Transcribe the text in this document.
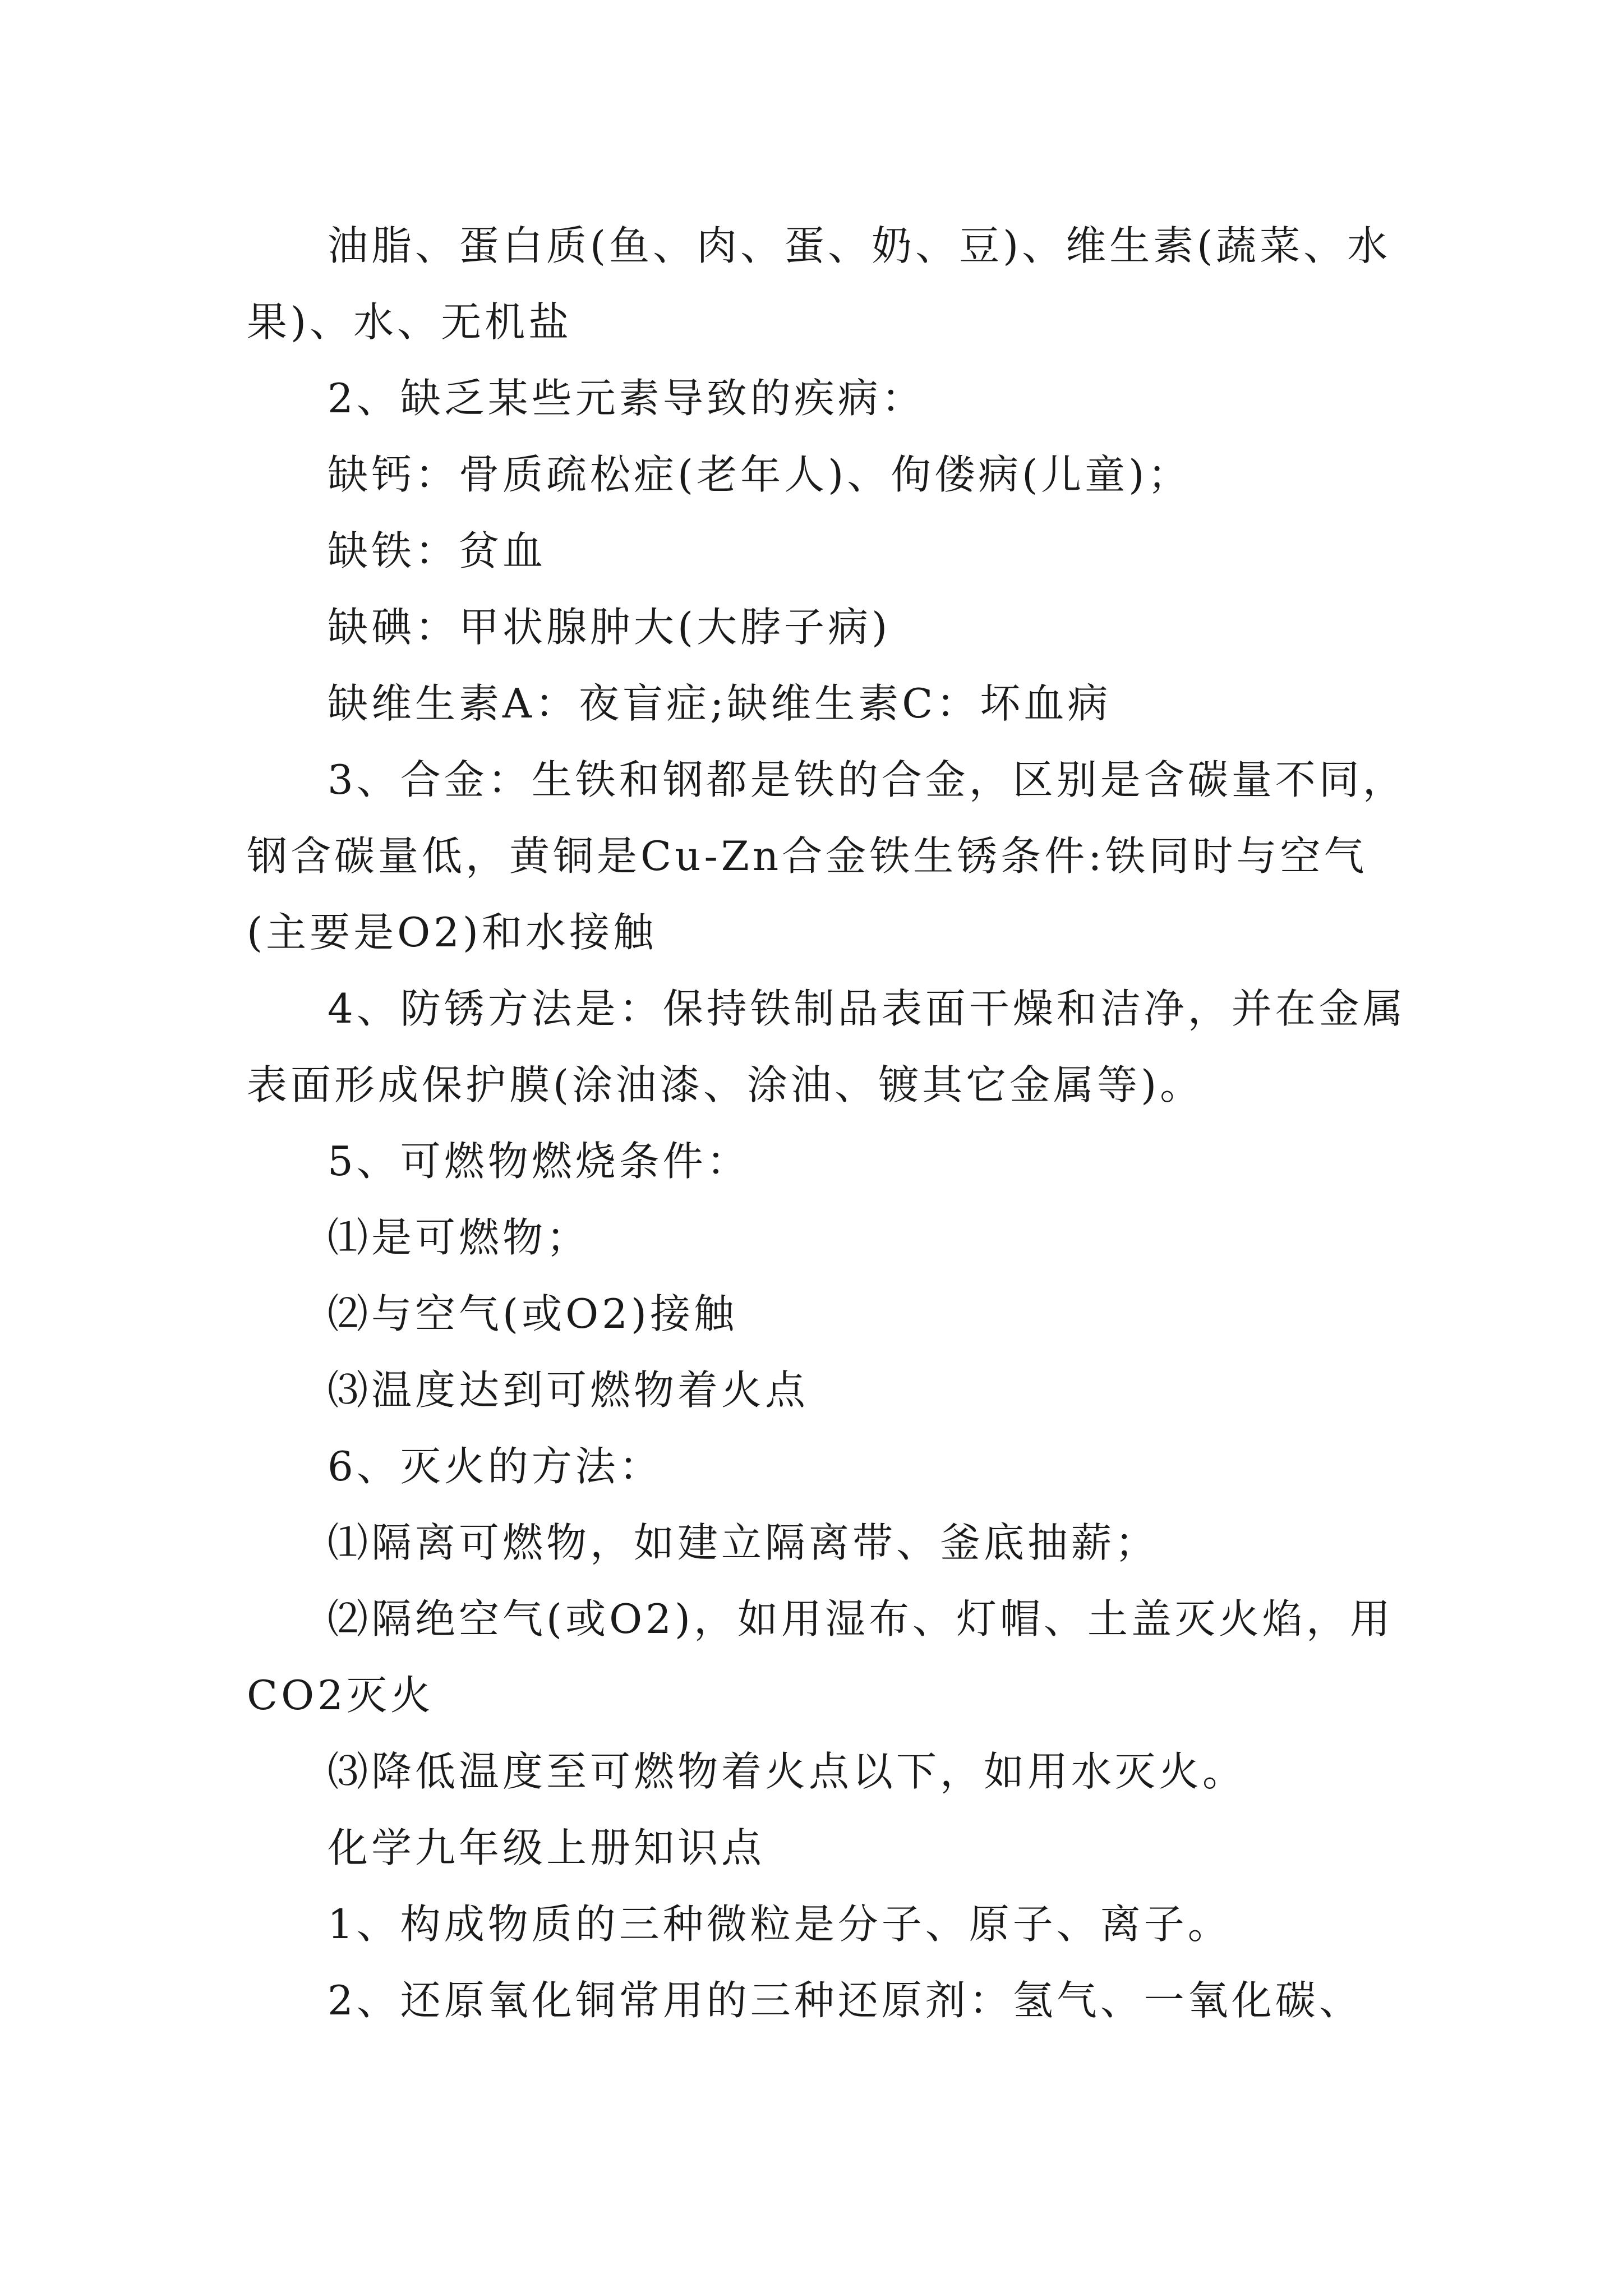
油脂、蛋白质(鱼、肉、蛋、奶、豆)、维生素(蔬菜、水果)、水、无机盐

2、缺乏某些元素导致的疾病：

缺钙：骨质疏松症(老年人)、佝偻病(儿童)；

缺铁：贫血

缺碘：甲状腺肿大(大脖子病)

缺维生素A：夜盲症;缺维生素C：坏血病

3、合金：生铁和钢都是铁的合金，区别是含碳量不同，钢含碳量低，黄铜是Cu-Zn合金铁生锈条件:铁同时与空气(主要是O2)和水接触

4、防锈方法是：保持铁制品表面干燥和洁净，并在金属表面形成保护膜(涂油漆、涂油、镀其它金属等)。

5、可燃物燃烧条件：

⑴是可燃物；

⑵与空气(或O2)接触

⑶温度达到可燃物着火点

6、灭火的方法：

⑴隔离可燃物，如建立隔离带、釜底抽薪；

⑵隔绝空气(或O2)，如用湿布、灯帽、土盖灭火焰，用CO2灭火

⑶降低温度至可燃物着火点以下，如用水灭火。

化学九年级上册知识点

1、构成物质的三种微粒是分子、原子、离子。

2、还原氧化铜常用的三种还原剂：氢气、一氧化碳、
